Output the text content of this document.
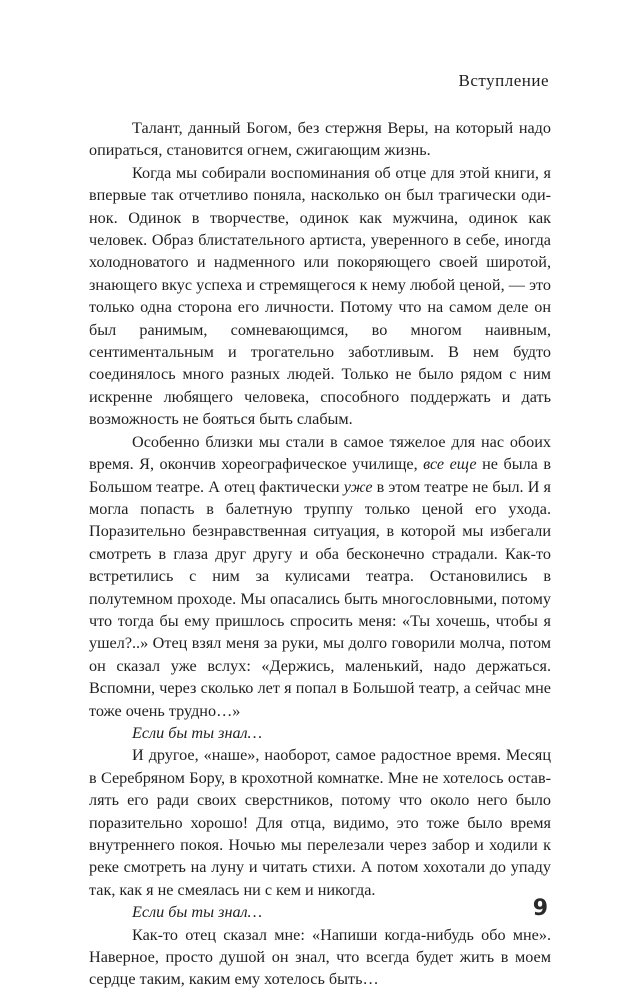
Вступление

Талант, данный Богом, без стержня Веры, на который надо опираться, становится огнем, сжигающим жизнь.

Когда мы собирали воспоминания об отце для этой книги, я впервые так отчетливо поняла, насколько он был трагически одинок. Одинок в творчестве, одинок как мужчина, одинок как человек. Образ блистательного артиста, уверенного в себе, иногда холодноватого и надменного или покоряющего своей широтой, знающего вкус успеха и стремящегося к нему любой ценой, — это только одна сторона его личности. Потому что на самом деле он был ранимым, сомневающимся, во многом наивным, сентиментальным и трогательно заботливым. В нем будто соединялось много разных людей. Только не было рядом с ним искренне любящего человека, способного поддержать и дать возможность не бояться быть слабым.

Особенно близки мы стали в самое тяжелое для нас обоих время. Я, окончив хореографическое училище, все еще не была в Большом театре. А отец фактически уже в этом театре не был. И я могла попасть в балетную труппу только ценой его ухода. Поразительно безнравственная ситуация, в которой мы избегали смотреть в глаза друг другу и оба бесконечно страдали. Как-то встретились с ним за кулисами театра. Остановились в полутемном проходе. Мы опасались быть многословными, потому что тогда бы ему пришлось спросить меня: «Ты хочешь, чтобы я ушел?..» Отец взял меня за руки, мы долго говорили молча, потом он сказал уже вслух: «Держись, маленький, надо держаться. Вспомни, через сколько лет я попал в Большой театр, а сейчас мне тоже очень трудно…»

Если бы ты знал…

И другое, «наше», наоборот, самое радостное время. Месяц в Серебряном Бору, в крохотной комнатке. Мне не хотелось оставлять его ради своих сверстников, потому что около него было поразительно хорошо! Для отца, видимо, это тоже было время внутреннего покоя. Ночью мы перелезали через забор и ходили к реке смотреть на луну и читать стихи. А потом хохотали до упаду так, как я не смеялась ни с кем и никогда.

Если бы ты знал…

Как-то отец сказал мне: «Напиши когда-нибудь обо мне». Наверное, просто душой он знал, что всегда будет жить в моем сердце таким, каким ему хотелось быть…

9
